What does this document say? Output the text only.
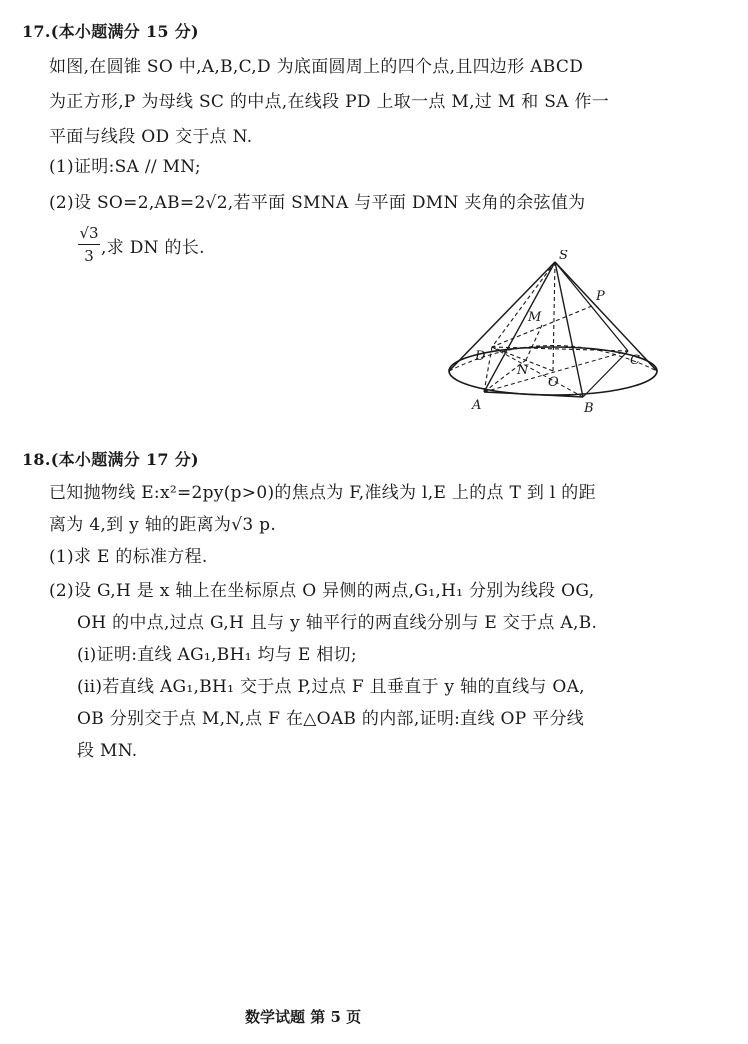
17.(本小题满分 15 分)
如图,在圆锥 SO 中,A,B,C,D 为底面圆周上的四个点,且四边形 ABCD
为正方形,P 为母线 SC 的中点,在线段 PD 上取一点 M,过 M 和 SA 作一
平面与线段 OD 交于点 N.
(1)证明:SA // MN;
(2)设 SO=2,AB=2√2,若平面 SMNA 与平面 DMN 夹角的余弦值为
√3
3 ,求 DN 的长.	S
P
M
D	C
N
O
A	B
18.(本小题满分 17 分)
已知抛物线 E:x²=2py(p>0)的焦点为 F,准线为 l,E 上的点 T 到 l 的距
离为 4,到 y 轴的距离为√3 p.
(1)求 E 的标准方程.
(2)设 G,H 是 x 轴上在坐标原点 O 异侧的两点,G₁,H₁ 分别为线段 OG,
OH 的中点,过点 G,H 且与 y 轴平行的两直线分别与 E 交于点 A,B.
(i)证明:直线 AG₁,BH₁ 均与 E 相切;
(ii)若直线 AG₁,BH₁ 交于点 P,过点 F 且垂直于 y 轴的直线与 OA,
OB 分别交于点 M,N,点 F 在△OAB 的内部,证明:直线 OP 平分线
段 MN.
数学试题 第 5 页
